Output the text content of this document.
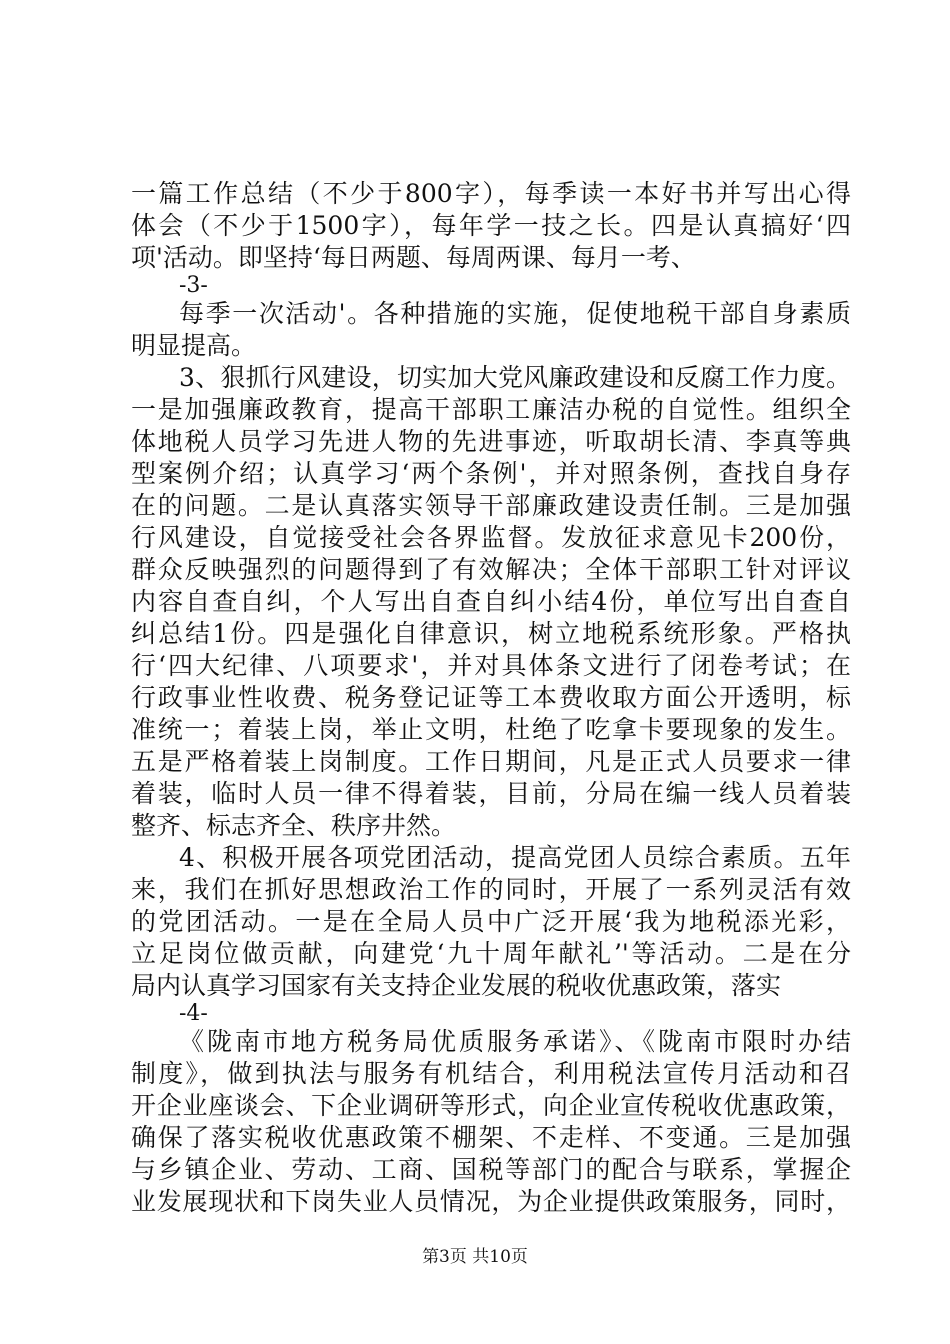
一篇工作总结（不少于800字），每季读一本好书并写出心得
体会（不少于1500字），每年学一技之长。四是认真搞好‘四
项'活动。即坚持‘每日两题、每周两课、每月一考、
-3-
每季一次活动'。各种措施的实施，促使地税干部自身素质
明显提高。
3、狠抓行风建设，切实加大党风廉政建设和反腐工作力度。
一是加强廉政教育，提高干部职工廉洁办税的自觉性。组织全
体地税人员学习先进人物的先进事迹，听取胡长清、李真等典
型案例介绍；认真学习‘两个条例'，并对照条例，查找自身存
在的问题。二是认真落实领导干部廉政建设责任制。三是加强
行风建设，自觉接受社会各界监督。发放征求意见卡200份，
群众反映强烈的问题得到了有效解决；全体干部职工针对评议
内容自查自纠，个人写出自查自纠小结4份，单位写出自查自
纠总结1份。四是强化自律意识，树立地税系统形象。严格执
行‘四大纪律、八项要求'，并对具体条文进行了闭卷考试；在
行政事业性收费、税务登记证等工本费收取方面公开透明，标
准统一；着装上岗，举止文明，杜绝了吃拿卡要现象的发生。
五是严格着装上岗制度。工作日期间，凡是正式人员要求一律
着装，临时人员一律不得着装，目前，分局在编一线人员着装
整齐、标志齐全、秩序井然。
4、积极开展各项党团活动，提高党团人员综合素质。五年
来，我们在抓好思想政治工作的同时，开展了一系列灵活有效
的党团活动。一是在全局人员中广泛开展‘我为地税添光彩，
立足岗位做贡献，向建党‘九十周年献礼’'等活动。二是在分
局内认真学习国家有关支持企业发展的税收优惠政策，落实
-4-
《陇南市地方税务局优质服务承诺》、《陇南市限时办结
制度》，做到执法与服务有机结合，利用税法宣传月活动和召
开企业座谈会、下企业调研等形式，向企业宣传税收优惠政策，
确保了落实税收优惠政策不棚架、不走样、不变通。三是加强
与乡镇企业、劳动、工商、国税等部门的配合与联系，掌握企
业发展现状和下岗失业人员情况，为企业提供政策服务，同时，
第3页 共10页
